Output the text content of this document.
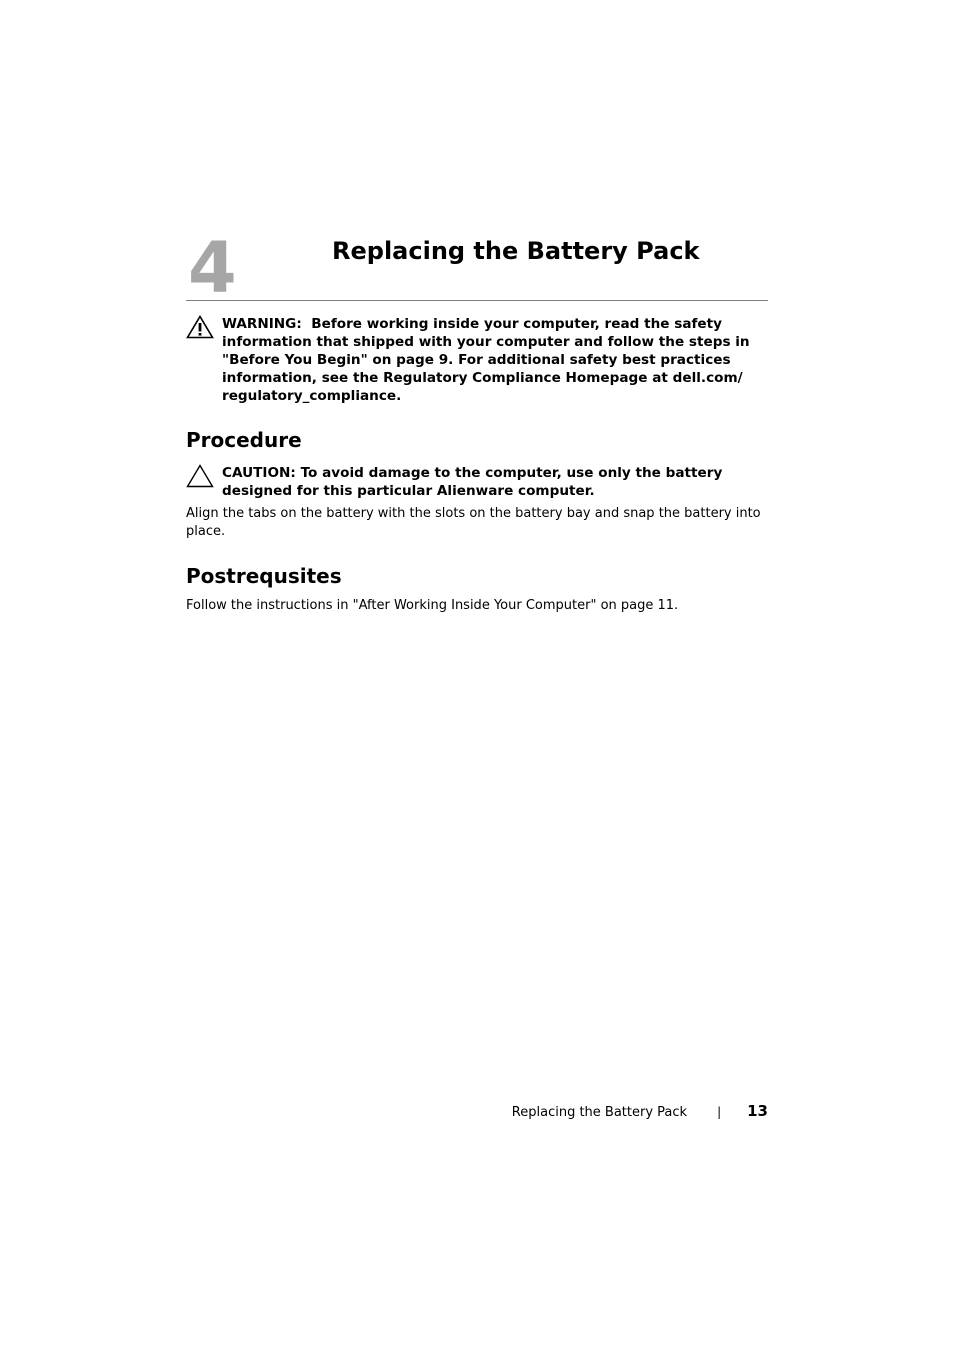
4	Replacing the Battery Pack
WARNING: Before working inside your computer, read the safety information that shipped with your computer and follow the steps in "Before You Begin" on page 9. For additional safety best practices information, see the Regulatory Compliance Homepage at dell.com/ regulatory_compliance.
Procedure
CAUTION: To avoid damage to the computer, use only the battery designed for this particular Alienware computer.
Align the tabs on the battery with the slots on the battery bay and snap the battery into place.
Postrequsites
Follow the instructions in "After Working Inside Your Computer" on page 11.
Replacing the Battery Pack	| 13
